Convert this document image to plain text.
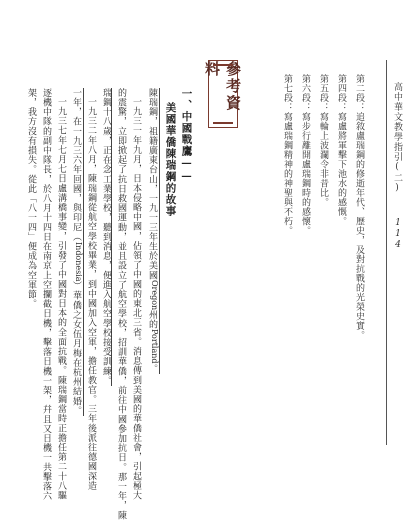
高中華文教學指引(二)
114
第二段：追敘盧瑞鋼的修逝年代、歷史，及對抗戰的光榮史實。
第四段：寫盧將軍擊下池水的感慨。
第五段：寫輪上波瀾令非昔比。
第六段：寫步行離開盧瑞鋼時的感懷。
第七段：寫盧瑞鋼精神的神聖與不朽。
參考資料
一、中國戰鷹——
美國華僑陳瑞鋼的故事
陳瑞鋼，祖籍廣東台山，一九一三年生於美國Oregon州的Portland。
一九三一年九月，日本侵略中國，佔領了中國的東北三省。消息傳到美國的華僑社會，引起極大
的震驚，立即掀起了抗日救國運動，並且設立了航空學校，招訓華僑，前往中國參加抗日。那一年，陳
瑞鋼十八歲，正在念工業學校，聽到消息，便進入航空學校接受訓練。
一九三二年八月，陳瑞鋼從航空學校畢業，到中國加入空軍，擔任教官。三年後派往德國深造
一年，在一九三六年回國，與印尼（Indonesia）華僑之女伍月梅在杭州結婚。
一九三七年七月七日盧溝橋事變，引發了中國對日本的全面抗戰。陳瑞鋼當時正擔任第二十八驅
逐機中隊的副中隊長，於八月十四日在南京上空攔截日機，擊落日機一架，幷且又日機一共擊落六
架，我方沒有損失。從此「八一四」便成為空軍節。
